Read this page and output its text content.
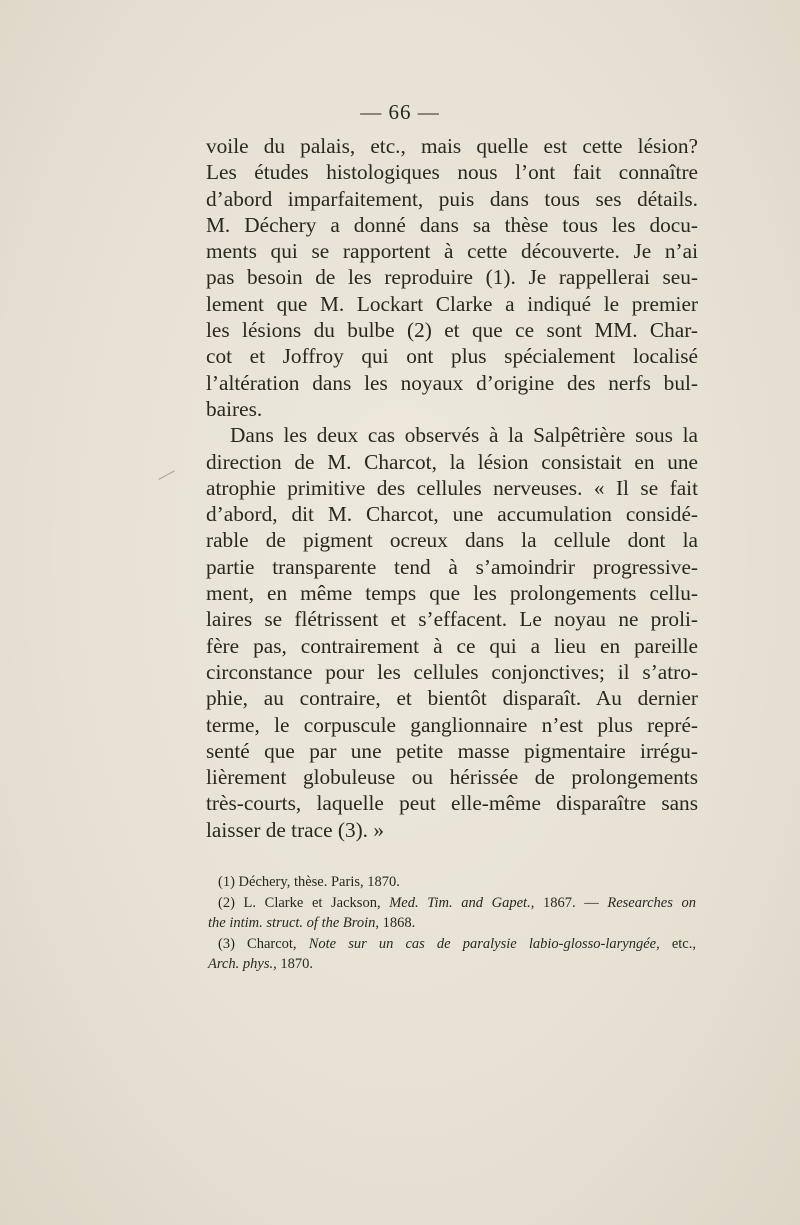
— 66 —
voile du palais, etc., mais quelle est cette lésion?
Les études histologiques nous l’ont fait connaître
d’abord imparfaitement, puis dans tous ses détails.
M. Déchery a donné dans sa thèse tous les docu-
ments qui se rapportent à cette découverte. Je n’ai
pas besoin de les reproduire (1). Je rappellerai seu-
lement que M. Lockart Clarke a indiqué le premier
les lésions du bulbe (2) et que ce sont MM. Char-
cot et Joffroy qui ont plus spécialement localisé
l’altération dans les noyaux d’origine des nerfs bul-
baires.
Dans les deux cas observés à la Salpêtrière sous la
direction de M. Charcot, la lésion consistait en une
atrophie primitive des cellules nerveuses. « Il se fait
d’abord, dit M. Charcot, une accumulation considé-
rable de pigment ocreux dans la cellule dont la
partie transparente tend à s’amoindrir progressive-
ment, en même temps que les prolongements cellu-
laires se flétrissent et s’effacent. Le noyau ne proli-
fère pas, contrairement à ce qui a lieu en pareille
circonstance pour les cellules conjonctives; il s’atro-
phie, au contraire, et bientôt disparaît. Au dernier
terme, le corpuscule ganglionnaire n’est plus repré-
senté que par une petite masse pigmentaire irrégu-
lièrement globuleuse ou hérissée de prolongements
très-courts, laquelle peut elle-même disparaître sans
laisser de trace (3). »
(1) Déchery, thèse. Paris, 1870.
(2) L. Clarke et Jackson, Med. Tim. and Gapet., 1867. — Researches on
the intim. struct. of the Broin, 1868.
(3) Charcot, Note sur un cas de paralysie labio-glosso-laryngée, etc.,
Arch. phys., 1870.
